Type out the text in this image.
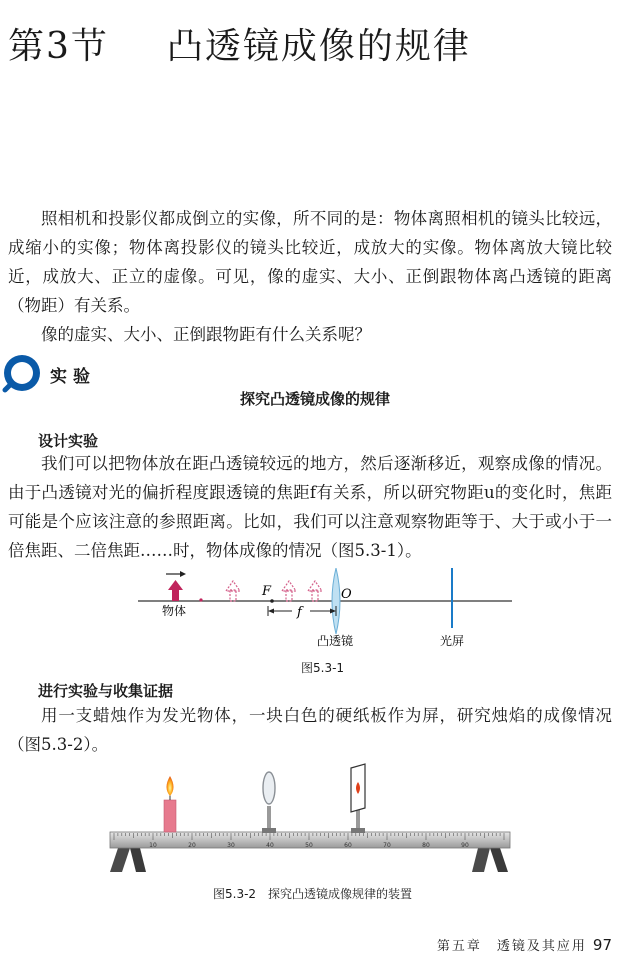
第3节 凸透镜成像的规律

照相机和投影仪都成倒立的实像，所不同的是：物体离照相机的镜头比较远，成缩小的实像；物体离投影仪的镜头比较近，成放大的实像。物体离放大镜比较近，成放大、正立的虚像。可见，像的虚实、大小、正倒跟物体离凸透镜的距离（物距）有关系。

像的虚实、大小、正倒跟物距有什么关系呢？

实验
探究凸透镜成像的规律
设计实验

我们可以把物体放在距凸透镜较远的地方，然后逐渐移近，观察成像的情况。由于凸透镜对光的偏折程度跟透镜的焦距f有关系，所以研究物距u的变化时，焦距可能是个应该注意的参照距离。比如，我们可以注意观察物距等于、大于或小于一倍焦距、二倍焦距……时，物体成像的情况（图5.3-1）。

F	O
f
物体
凸透镜	光屏
图5.3-1
进行实验与收集证据

用一支蜡烛作为发光物体，一块白色的硬纸板作为屏，研究烛焰的成像情况（图5.3-2）。

10	20	30	40	50	60	70	80	90
图5.3-2　探究凸透镜成像规律的装置
第五章　透镜及其应用 97
